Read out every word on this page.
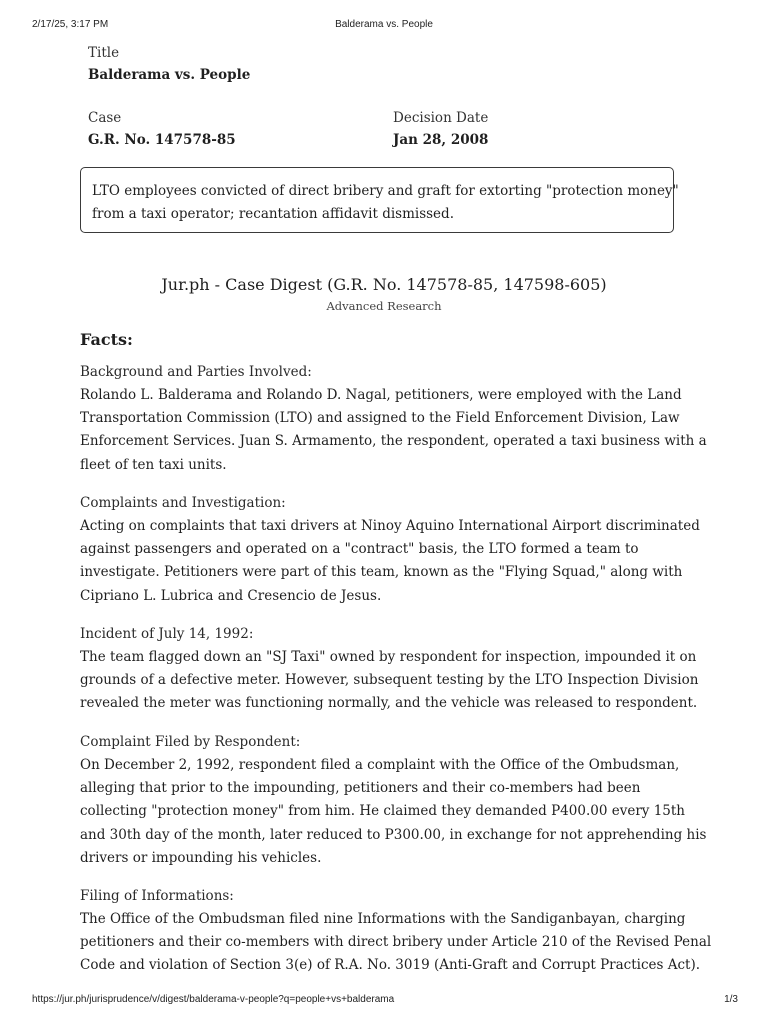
2/17/25, 3:17 PM	Balderama vs. People
Title
Balderama vs. People
Case
G.R. No. 147578-85
Decision Date
Jan 28, 2008
LTO employees convicted of direct bribery and graft for extorting "protection money"
from a taxi operator; recantation affidavit dismissed.
Jur.ph - Case Digest (G.R. No. 147578-85, 147598-605)
Advanced Research
Facts:

Background and Parties Involved:

Rolando L. Balderama and Rolando D. Nagal, petitioners, were employed with the Land
Transportation Commission (LTO) and assigned to the Field Enforcement Division, Law
Enforcement Services. Juan S. Armamento, the respondent, operated a taxi business with a
fleet of ten taxi units.

Complaints and Investigation:

Acting on complaints that taxi drivers at Ninoy Aquino International Airport discriminated
against passengers and operated on a "contract" basis, the LTO formed a team to
investigate. Petitioners were part of this team, known as the "Flying Squad," along with
Cipriano L. Lubrica and Cresencio de Jesus.

Incident of July 14, 1992:

The team flagged down an "SJ Taxi" owned by respondent for inspection, impounded it on
grounds of a defective meter. However, subsequent testing by the LTO Inspection Division
revealed the meter was functioning normally, and the vehicle was released to respondent.

Complaint Filed by Respondent:

On December 2, 1992, respondent filed a complaint with the Office of the Ombudsman,
alleging that prior to the impounding, petitioners and their co-members had been
collecting "protection money" from him. He claimed they demanded P400.00 every 15th
and 30th day of the month, later reduced to P300.00, in exchange for not apprehending his
drivers or impounding his vehicles.

Filing of Informations:

The Office of the Ombudsman filed nine Informations with the Sandiganbayan, charging
petitioners and their co-members with direct bribery under Article 210 of the Revised Penal
Code and violation of Section 3(e) of R.A. No. 3019 (Anti-Graft and Corrupt Practices Act).

https://jur.ph/jurisprudence/v/digest/balderama-v-people?q=people+vs+balderama	1/3
